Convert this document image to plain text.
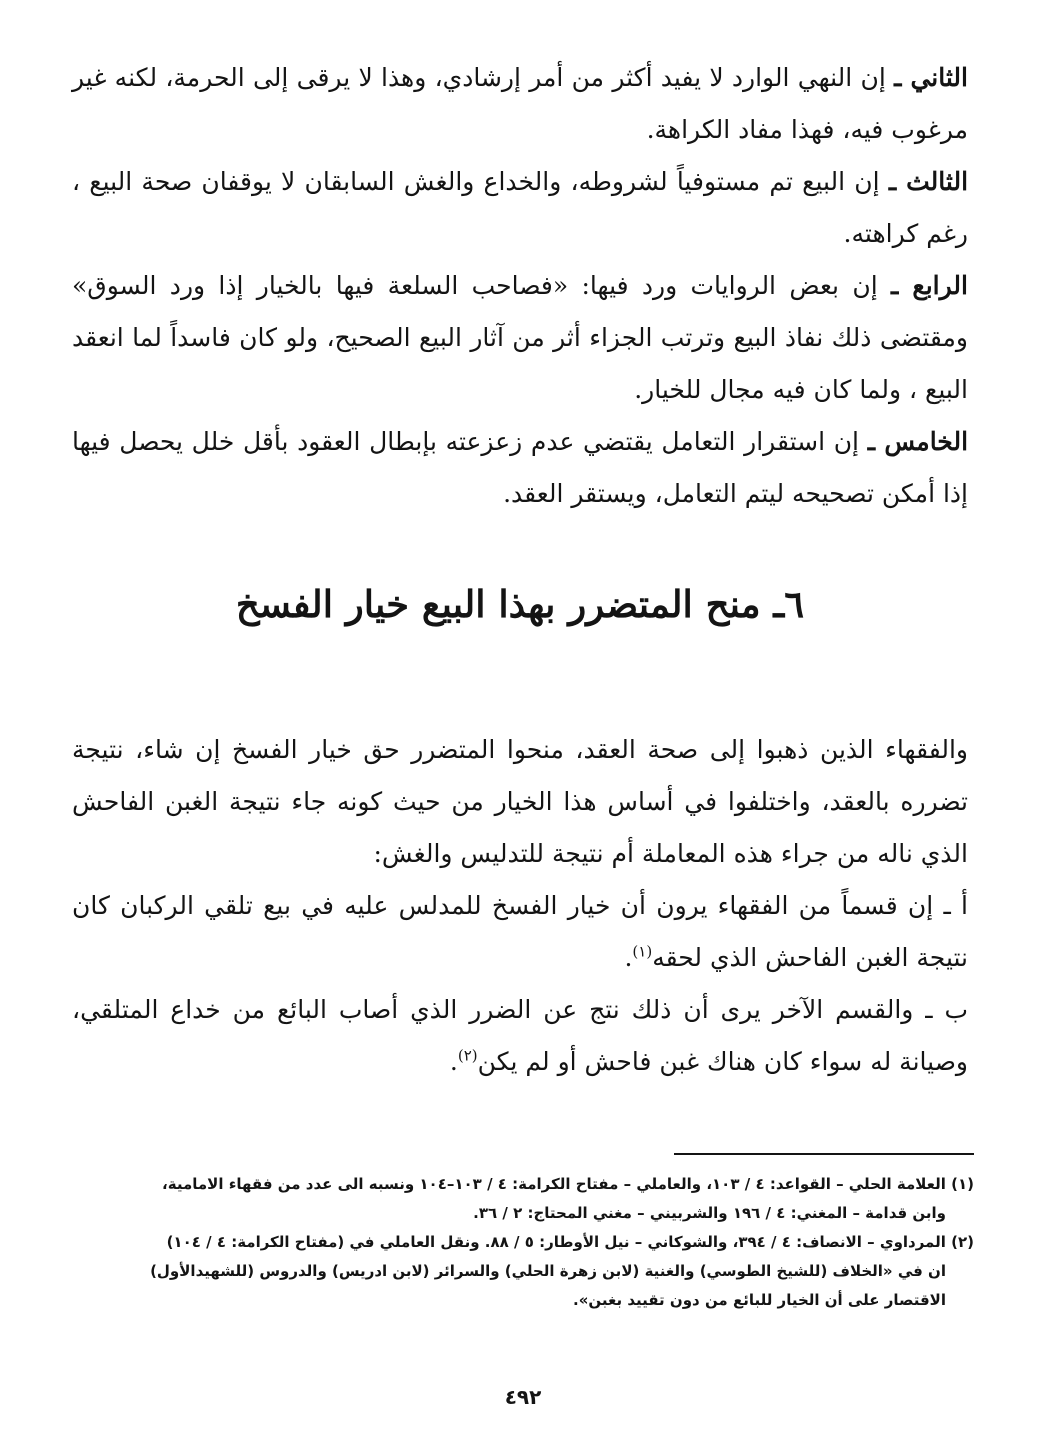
الثاني ـ إن النهي الوارد لا يفيد أكثر من أمر إرشادي، وهذا لا يرقى إلى الحرمة، لكنه غير مرغوب فيه، فهذا مفاد الكراهة.

الثالث ـ إن البيع تم مستوفياً لشروطه، والخداع والغش السابقان لا يوقفان صحة البيع ، رغم كراهته.

الرابع ـ إن بعض الروايات ورد فيها: «فصاحب السلعة فيها بالخيار إذا ورد السوق» ومقتضى ذلك نفاذ البيع وترتب الجزاء أثر من آثار البيع الصحيح، ولو كان فاسداً لما انعقد البيع ، ولما كان فيه مجال للخيار.

الخامس ـ إن استقرار التعامل يقتضي عدم زعزعته بإبطال العقود بأقل خلل يحصل فيها إذا أمكن تصحيحه ليتم التعامل، ويستقر العقد.

٦ـ منح المتضرر بهذا البيع خيار الفسخ

والفقهاء الذين ذهبوا إلى صحة العقد، منحوا المتضرر حق خيار الفسخ إن شاء، نتيجة تضرره بالعقد، واختلفوا في أساس هذا الخيار من حيث كونه جاء نتيجة الغبن الفاحش الذي ناله من جراء هذه المعاملة أم نتيجة للتدليس والغش:

أ ـ إن قسماً من الفقهاء يرون أن خيار الفسخ للمدلس عليه في بيع تلقي الركبان كان نتيجة الغبن الفاحش الذي لحقه$^{(١)}$.

ب ـ والقسم الآخر يرى أن ذلك نتج عن الضرر الذي أصاب البائع من خداع المتلقي، وصيانة له سواء كان هناك غبن فاحش أو لم يكن$^{(٢)}$.

(١) العلامة الحلي – القواعد: ٤ / ١٠٣، والعاملي – مفتاح الكرامة: ٤ / ١٠٣–١٠٤ ونسبه الى عدد من فقهاء الامامية،

وابن قدامة – المغني: ٤ / ١٩٦ والشربيني – مغني المحتاج: ٢ / ٣٦.

(٢) المرداوي – الانصاف: ٤ / ٣٩٤، والشوكاني – نيل الأوطار: ٥ / ٨٨. ونقل العاملي في (مفتاح الكرامة: ٤ / ١٠٤)

ان في «الخلاف (للشيخ الطوسي) والغنية (لابن زهرة الحلي) والسرائر (لابن ادريس) والدروس (للشهيدالأول)

الاقتصار على أن الخيار للبائع من دون تقييد بغبن».

٤٩٢
